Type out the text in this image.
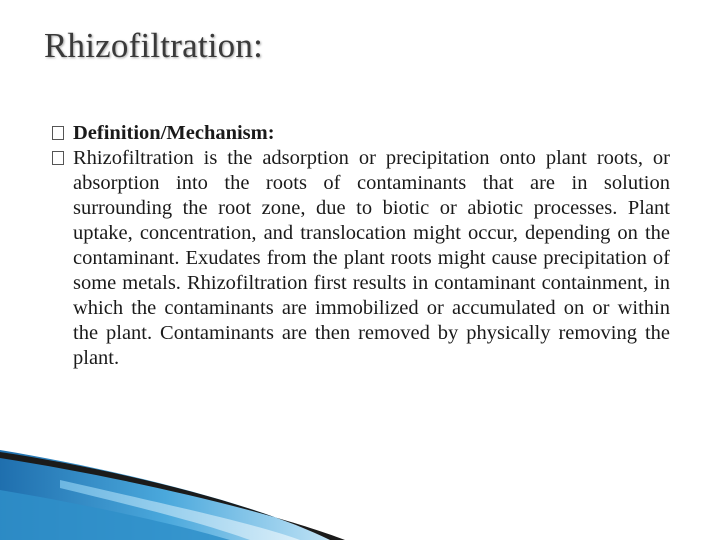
Rhizofiltration:
Definition/Mechanism:
Rhizofiltration is the adsorption or precipitation onto plant roots, or absorption into the roots of contaminants that are in solution surrounding the root zone, due to biotic or abiotic processes. Plant uptake, concentration, and translocation might occur, depending on the contaminant. Exudates from the plant roots might cause precipitation of some metals. Rhizofiltration first results in contaminant containment, in which the contaminants are immobilized or accumulated on or within the plant. Contaminants are then removed by physically removing the plant.
